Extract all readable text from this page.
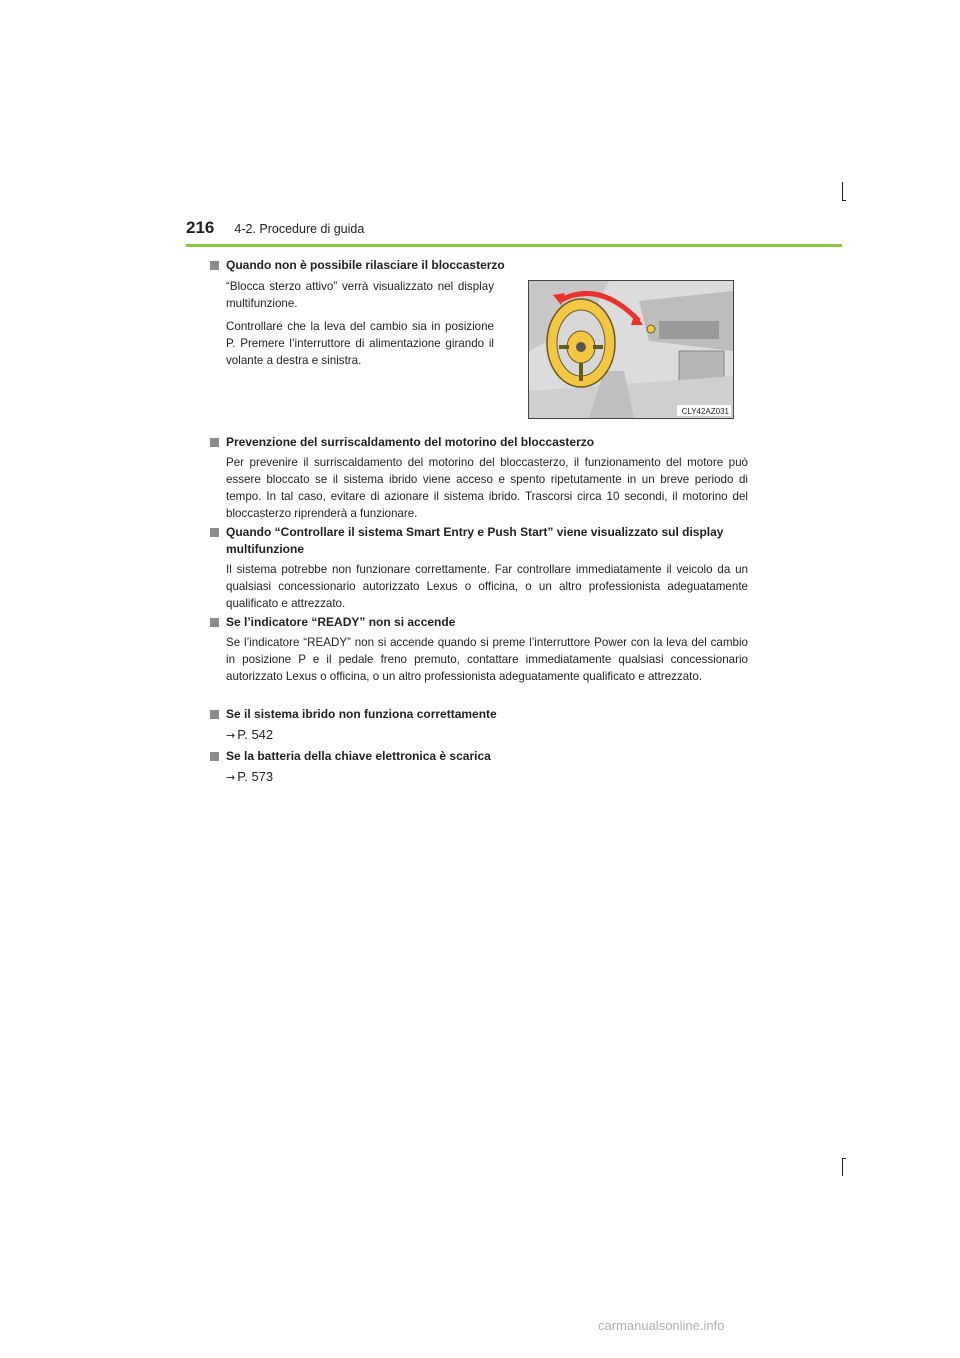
216 4-2. Procedure di guida
Quando non è possibile rilasciare il bloccasterzo
“Blocca sterzo attivo” verrà visualizzato nel display multifunzione.
Controllare che la leva del cambio sia in posizione P. Premere l’interruttore di alimentazione girando il volante a destra e sinistra.
CLY42AZ031
Prevenzione del surriscaldamento del motorino del bloccasterzo
Per prevenire il surriscaldamento del motorino del bloccasterzo, il funzionamento del motore può essere bloccato se il sistema ibrido viene acceso e spento ripetutamente in un breve periodo di tempo. In tal caso, evitare di azionare il sistema ibrido. Trascorsi circa 10 secondi, il motorino del bloccasterzo riprenderà a funzionare.
Quando “Controllare il sistema Smart Entry e Push Start” viene visualizzato sul display multifunzione
Il sistema potrebbe non funzionare correttamente. Far controllare immediatamente il veicolo da un qualsiasi concessionario autorizzato Lexus o officina, o un altro professionista adeguatamente qualificato e attrezzato.
Se l’indicatore “READY” non si accende
Se l’indicatore “READY” non si accende quando si preme l’interruttore Power con la leva del cambio in posizione P e il pedale freno premuto, contattare immediatamente qualsiasi concessionario autorizzato Lexus o officina, o un altro professionista adeguatamente qualificato e attrezzato.
Se il sistema ibrido non funziona correttamente
→ P. 542
Se la batteria della chiave elettronica è scarica
→ P. 573
carmanualsonline.info
